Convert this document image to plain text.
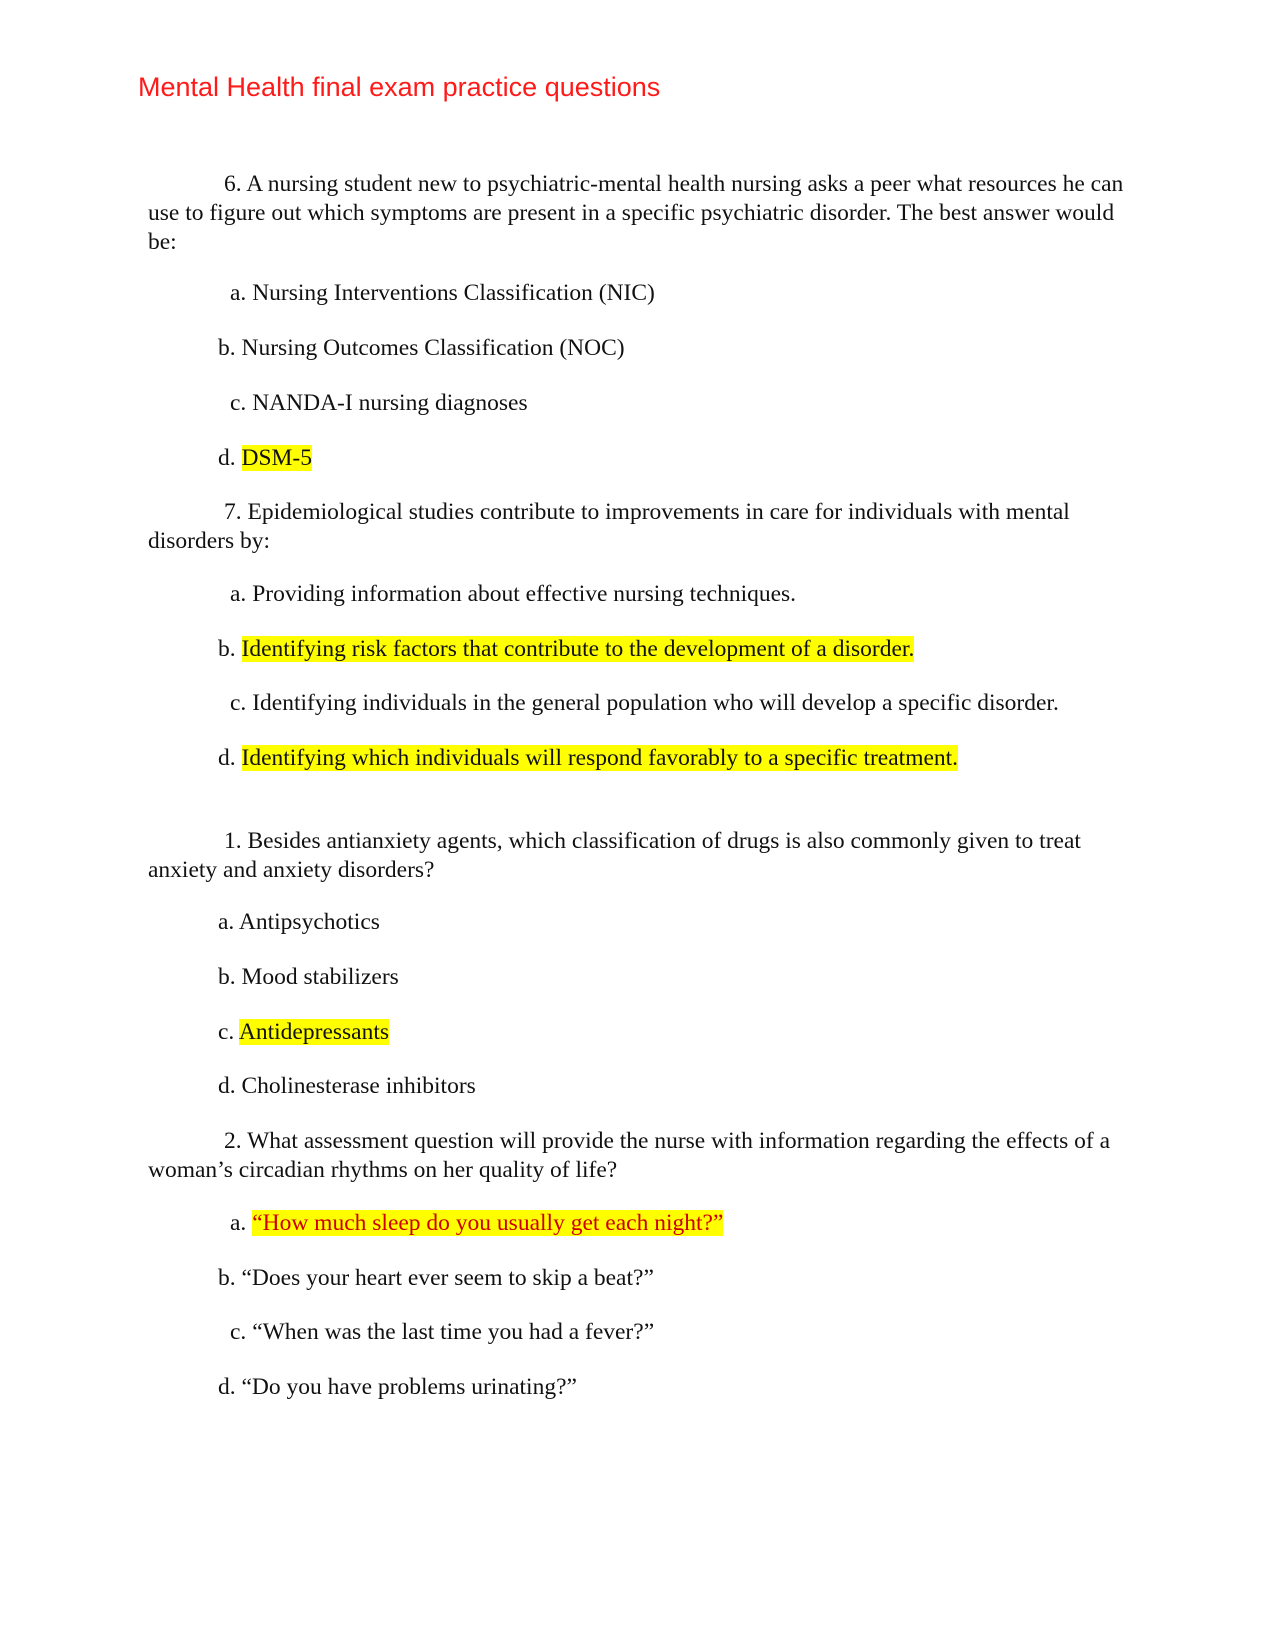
Mental Health final exam practice questions

6. A nursing student new to psychiatric-mental health nursing asks a peer what resources he can use to figure out which symptoms are present in a specific psychiatric disorder. The best answer would be:

a. Nursing Interventions Classification (NIC)
b. Nursing Outcomes Classification (NOC)
c. NANDA-I nursing diagnoses
d. DSM-5

7. Epidemiological studies contribute to improvements in care for individuals with mental disorders by:

a. Providing information about effective nursing techniques.
b. Identifying risk factors that contribute to the development of a disorder.
c. Identifying individuals in the general population who will develop a specific disorder.
d. Identifying which individuals will respond favorably to a specific treatment.

1. Besides antianxiety agents, which classification of drugs is also commonly given to treat anxiety and anxiety disorders?

a. Antipsychotics
b. Mood stabilizers
c. Antidepressants
d. Cholinesterase inhibitors

2. What assessment question will provide the nurse with information regarding the effects of a woman’s circadian rhythms on her quality of life?

a. “How much sleep do you usually get each night?”
b. “Does your heart ever seem to skip a beat?”
c. “When was the last time you had a fever?”
d. “Do you have problems urinating?”
